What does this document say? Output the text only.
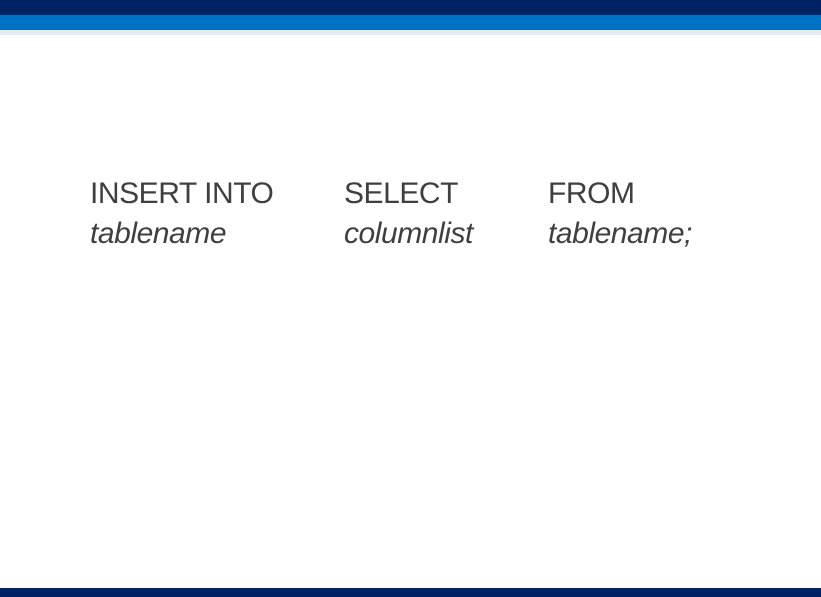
INSERT INTO
tablename
SELECT
columnlist
FROM
tablename;
